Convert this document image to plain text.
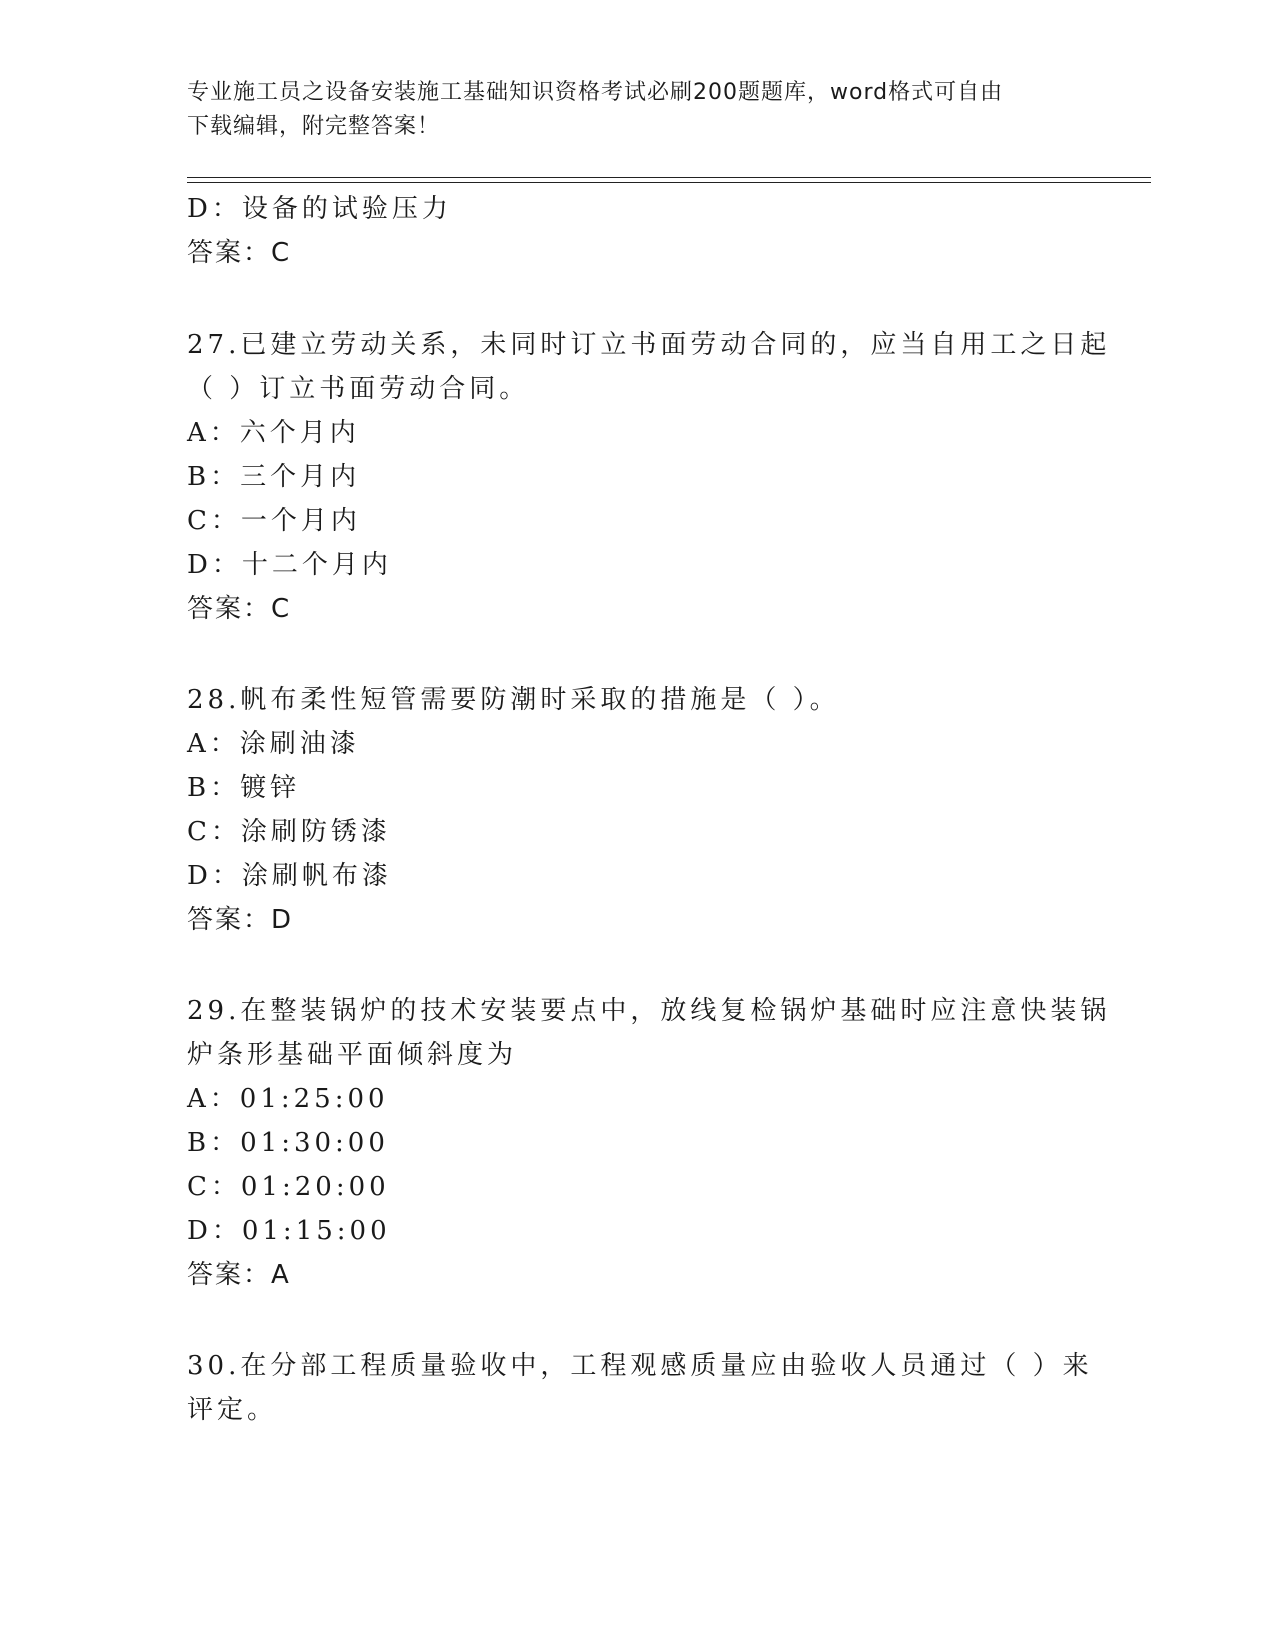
专业施工员之设备安装施工基础知识资格考试必刷200题题库，word格式可自由
下载编辑，附完整答案！
D：设备的试验压力
答案：C
27.已建立劳动关系，未同时订立书面劳动合同的，应当自用工之日起
（ ）订立书面劳动合同。
A：六个月内
B：三个月内
C：一个月内
D：十二个月内
答案：C
28.帆布柔性短管需要防潮时采取的措施是（ ）。
A：涂刷油漆
B：镀锌
C：涂刷防锈漆
D：涂刷帆布漆
答案：D
29.在整装锅炉的技术安装要点中，放线复检锅炉基础时应注意快装锅
炉条形基础平面倾斜度为
A：01:25:00
B：01:30:00
C：01:20:00
D：01:15:00
答案：A
30.在分部工程质量验收中，工程观感质量应由验收人员通过（ ）来
评定。
